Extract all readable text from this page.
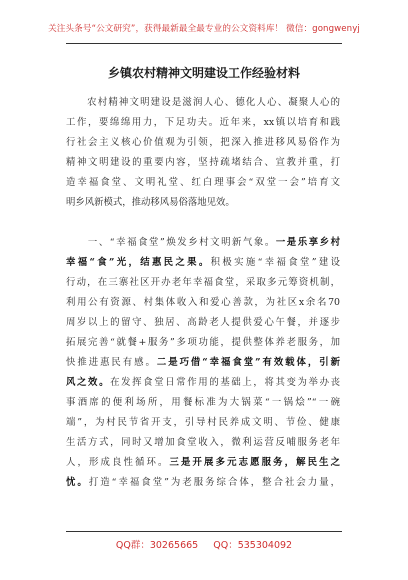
关注头条号“公文研究”，获得最新最全最专业的公文资料库！ 微信：gongwenyj
乡镇农村精神文明建设工作经验材料
　　农村精神文明建设是滋润人心、德化人心、凝聚人心的
工作，要绵绵用力，下足功夫。近年来，xx镇以培育和践
行社会主义核心价值观为引领，把深入推进移风易俗作为
精神文明建设的重要内容，坚持疏堵结合、宣教并重，打
造幸福食堂、文明礼堂、红白理事会“双堂一会”培育文
明乡风新模式，推动移风易俗落地见效。
　　一、“幸福食堂”焕发乡村文明新气象。一是乐享乡村
幸福“食”光，结惠民之果。积极实施“幸福食堂”建设
行动，在三寨社区开办老年幸福食堂，采取多元筹资机制，
利用公有资源、村集体收入和爱心善款，为社区x余名70
周岁以上的留守、独居、高龄老人提供爱心午餐，并逐步
拓展完善“就餐+服务”多项功能，提供整体养老服务，加
快推进惠民有感。二是巧借“幸福食堂”有效载体，引新
风之效。在发挥食堂日常作用的基础上，将其变为举办丧
事酒席的便利场所，用餐标准为大锅菜“一锅烩”“一碗
端”，为村民节省开支，引导村民养成文明、节俭、健康
生活方式，同时又增加食堂收入，微利运营反哺服务老年
人，形成良性循环。三是开展多元志愿服务，解民生之
忧。打造“幸福食堂”为老服务综合体，整合社会力量，
QQ群：30265665 QQ：535304092
